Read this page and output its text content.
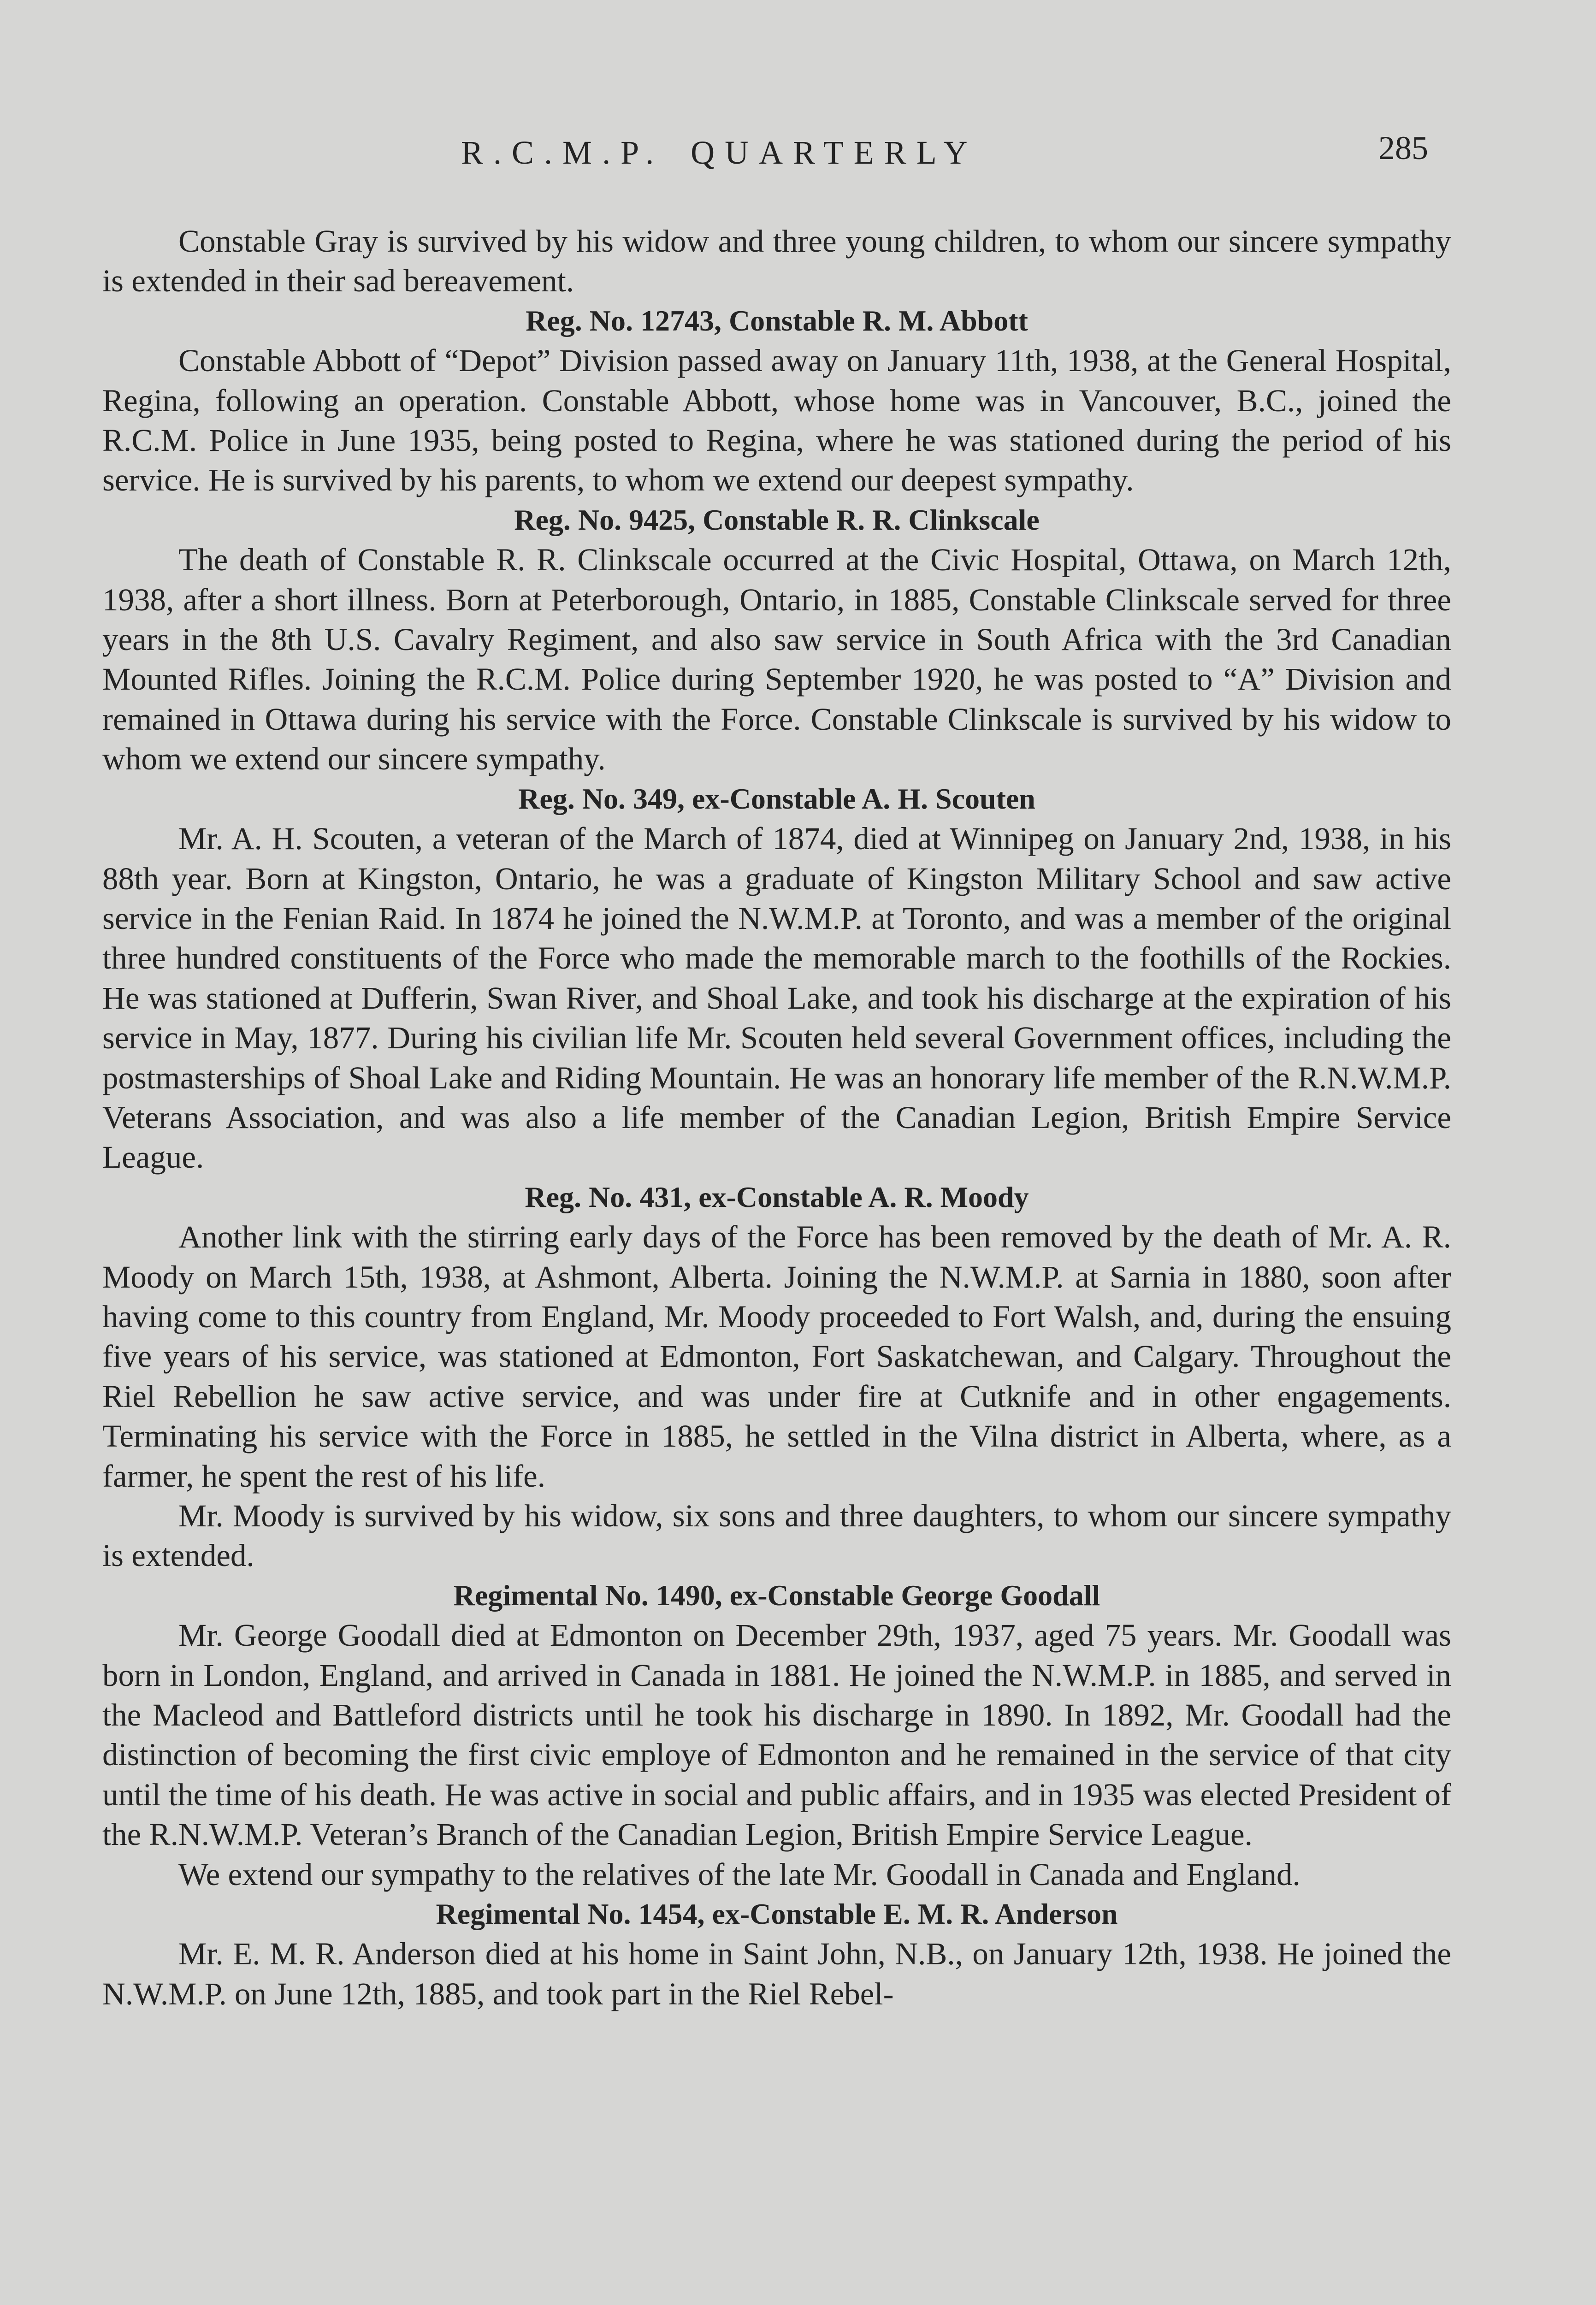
R.C.M.P. QUARTERLY	285

Constable Gray is survived by his widow and three young children, to whom our sincere sympathy is extended in their sad bereavement.

Reg. No. 12743, Constable R. M. Abbott

Constable Abbott of “Depot” Division passed away on January 11th, 1938, at the General Hospital, Regina, following an operation. Constable Abbott, whose home was in Vancouver, B.C., joined the R.C.M. Police in June 1935, being posted to Regina, where he was stationed during the period of his service. He is survived by his parents, to whom we extend our deepest sympathy.

Reg. No. 9425, Constable R. R. Clinkscale

The death of Constable R. R. Clinkscale occurred at the Civic Hospital, Ottawa, on March 12th, 1938, after a short illness. Born at Peterborough, Ontario, in 1885, Constable Clinkscale served for three years in the 8th U.S. Cavalry Regiment, and also saw service in South Africa with the 3rd Canadian Mounted Rifles. Joining the R.C.M. Police during September 1920, he was posted to “A” Division and remained in Ottawa during his service with the Force. Constable Clinkscale is survived by his widow to whom we extend our sincere sympathy.

Reg. No. 349, ex-Constable A. H. Scouten

Mr. A. H. Scouten, a veteran of the March of 1874, died at Winnipeg on January 2nd, 1938, in his 88th year. Born at Kingston, Ontario, he was a graduate of Kingston Military School and saw active service in the Fenian Raid. In 1874 he joined the N.W.M.P. at Toronto, and was a member of the original three hundred constituents of the Force who made the memorable march to the foothills of the Rockies. He was stationed at Dufferin, Swan River, and Shoal Lake, and took his discharge at the expiration of his service in May, 1877. During his civilian life Mr. Scouten held several Government offices, including the postmasterships of Shoal Lake and Riding Mountain. He was an honorary life member of the R.N.W.M.P. Veterans Association, and was also a life member of the Canadian Legion, British Empire Service League.

Reg. No. 431, ex-Constable A. R. Moody

Another link with the stirring early days of the Force has been removed by the death of Mr. A. R. Moody on March 15th, 1938, at Ashmont, Alberta. Joining the N.W.M.P. at Sarnia in 1880, soon after having come to this country from England, Mr. Moody proceeded to Fort Walsh, and, during the ensuing five years of his service, was stationed at Edmonton, Fort Saskatchewan, and Calgary. Throughout the Riel Rebellion he saw active service, and was under fire at Cutknife and in other engagements. Terminating his service with the Force in 1885, he settled in the Vilna district in Alberta, where, as a farmer, he spent the rest of his life.

Mr. Moody is survived by his widow, six sons and three daughters, to whom our sincere sympathy is extended.

Regimental No. 1490, ex-Constable George Goodall

Mr. George Goodall died at Edmonton on December 29th, 1937, aged 75 years. Mr. Goodall was born in London, England, and arrived in Canada in 1881. He joined the N.W.M.P. in 1885, and served in the Macleod and Battleford districts until he took his discharge in 1890. In 1892, Mr. Goodall had the distinction of becoming the first civic employe of Edmonton and he remained in the service of that city until the time of his death. He was active in social and public affairs, and in 1935 was elected President of the R.N.W.M.P. Veteran’s Branch of the Canadian Legion, British Empire Service League.

We extend our sympathy to the relatives of the late Mr. Goodall in Canada and England.

Regimental No. 1454, ex-Constable E. M. R. Anderson

Mr. E. M. R. Anderson died at his home in Saint John, N.B., on January 12th, 1938. He joined the N.W.M.P. on June 12th, 1885, and took part in the Riel Rebel-
